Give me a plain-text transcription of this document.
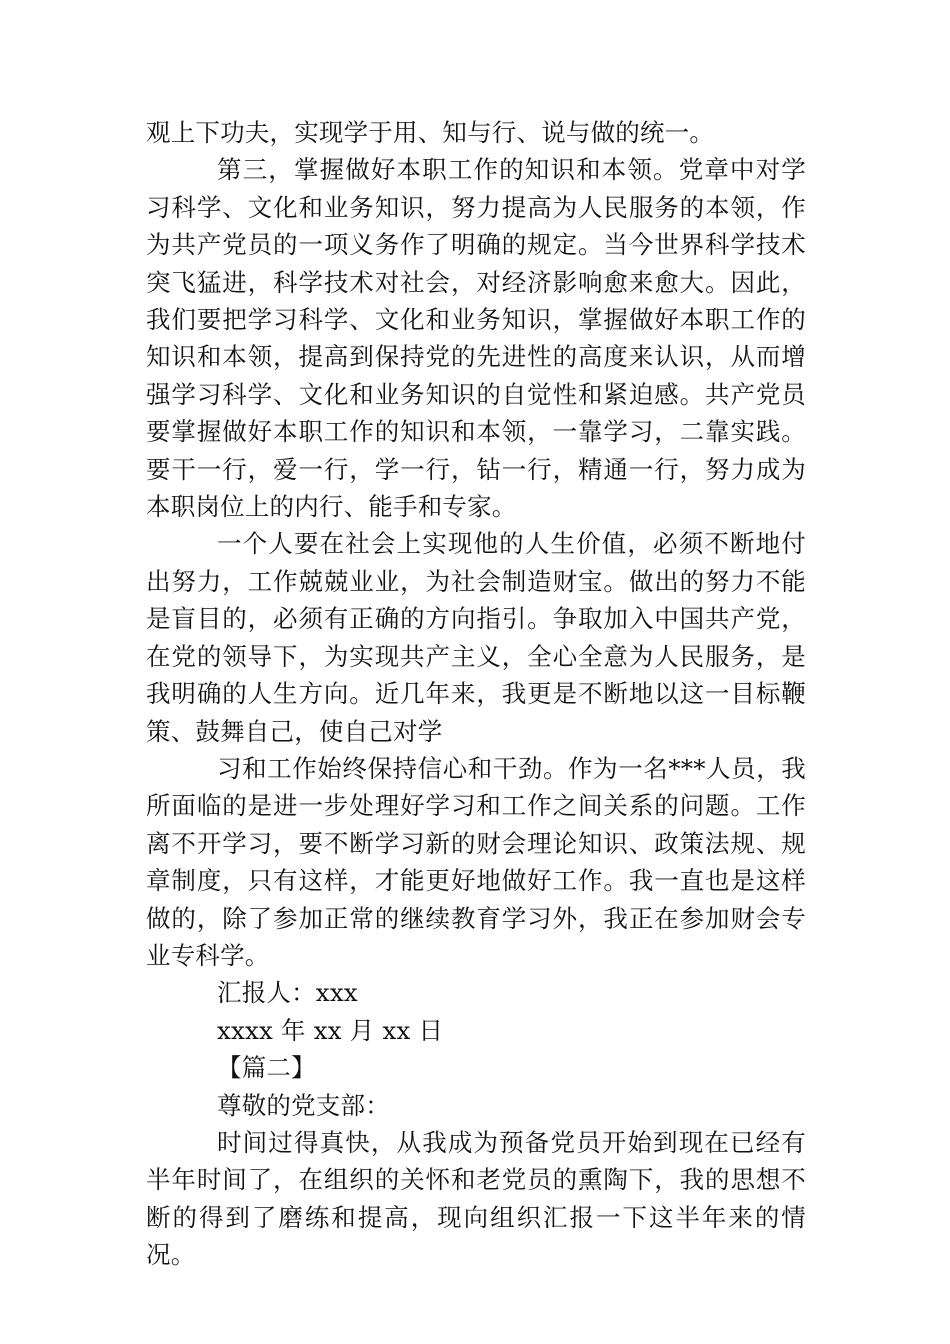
观上下功夫，实现学于用、知与行、说与做的统一。

第三，掌握做好本职工作的知识和本领。党章中对学习科学、文化和业务知识，努力提高为人民服务的本领，作为共产党员的一项义务作了明确的规定。当今世界科学技术突飞猛进，科学技术对社会，对经济影响愈来愈大。因此，我们要把学习科学、文化和业务知识，掌握做好本职工作的知识和本领，提高到保持党的先进性的高度来认识，从而增强学习科学、文化和业务知识的自觉性和紧迫感。共产党员要掌握做好本职工作的知识和本领，一靠学习，二靠实践。要干一行，爱一行，学一行，钻一行，精通一行，努力成为本职岗位上的内行、能手和专家。

一个人要在社会上实现他的人生价值，必须不断地付出努力，工作兢兢业业，为社会制造财宝。做出的努力不能是盲目的，必须有正确的方向指引。争取加入中国共产党，在党的领导下，为实现共产主义，全心全意为人民服务，是我明确的人生方向。近几年来，我更是不断地以这一目标鞭策、鼓舞自己，使自己对学

习和工作始终保持信心和干劲。作为一名***人员，我所面临的是进一步处理好学习和工作之间关系的问题。工作离不开学习，要不断学习新的财会理论知识、政策法规、规章制度，只有这样，才能更好地做好工作。我一直也是这样做的，除了参加正常的继续教育学习外，我正在参加财会专业专科学。

汇报人：xxx

xxxx 年 xx 月 xx 日

【篇二】

尊敬的党支部：

时间过得真快，从我成为预备党员开始到现在已经有半年时间了，在组织的关怀和老党员的熏陶下，我的思想不断的得到了磨练和提高，现向组织汇报一下这半年来的情况。
